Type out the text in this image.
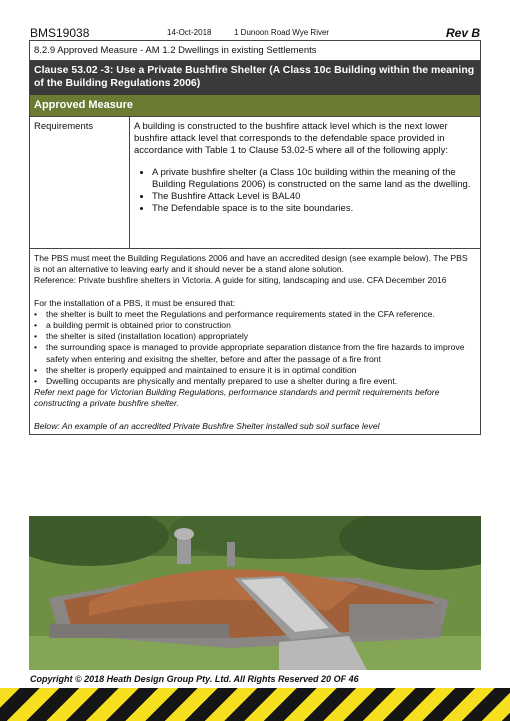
BMS19038	14-Oct-2018	1 Dunoon Road Wye River	Rev B
8.2.9 Approved Measure - AM 1.2 Dwellings in existing Settlements
Clause 53.02 -3: Use a Private Bushfire Shelter (A Class 10c Building within the meaning of the Building Regulations 2006)
Approved Measure
Requirements	A building is constructed to the bushfire attack level which is the next lower bushfire attack level that corresponds to the defendable space provided in accordance with Table 1 to Clause 53.02-5 where all of the following apply:
• A private bushfire shelter (a Class 10c building within the meaning of the Building Regulations 2006) is constructed on the same land as the dwelling.
• The Bushfire Attack Level is BAL40
• The Defendable space is to the site boundaries.

The PBS must meet the Building Regulations 2006 and have an accredited design (see example below). The PBS is not an alternative to leaving early and it should never be a stand alone solution.

Reference: Private bushfire shelters in Victoria. A guide for siting, landscaping and use. CFA December 2016

For the installation of a PBS, it must be ensured that:

• the shelter is built to meet the Regulations and performance requirements stated in the CFA reference.
• a building permit is obtained prior to construction
• the shelter is sited (installation location) appropriately
• the surrounding space is managed to provide appropriate separation distance from the fire hazards to improve safety when entering and exisitng the shelter, before and after the passage of a fire front
• the shelter is properly equipped and maintained to ensure it is in optimal condition
• Dwelling occupants are physically and mentally prepared to use a shelter during a fire event.

Refer next page for Victorian Building Regulations, performance standards and permit requirements before constructing a private bushfire shelter.

Below: An example of an accredited Private Bushfire Shelter installed sub soil surface level

Copyright © 2018 Heath Design Group Pty. Ltd. All Rights Reserved 20 OF 46
